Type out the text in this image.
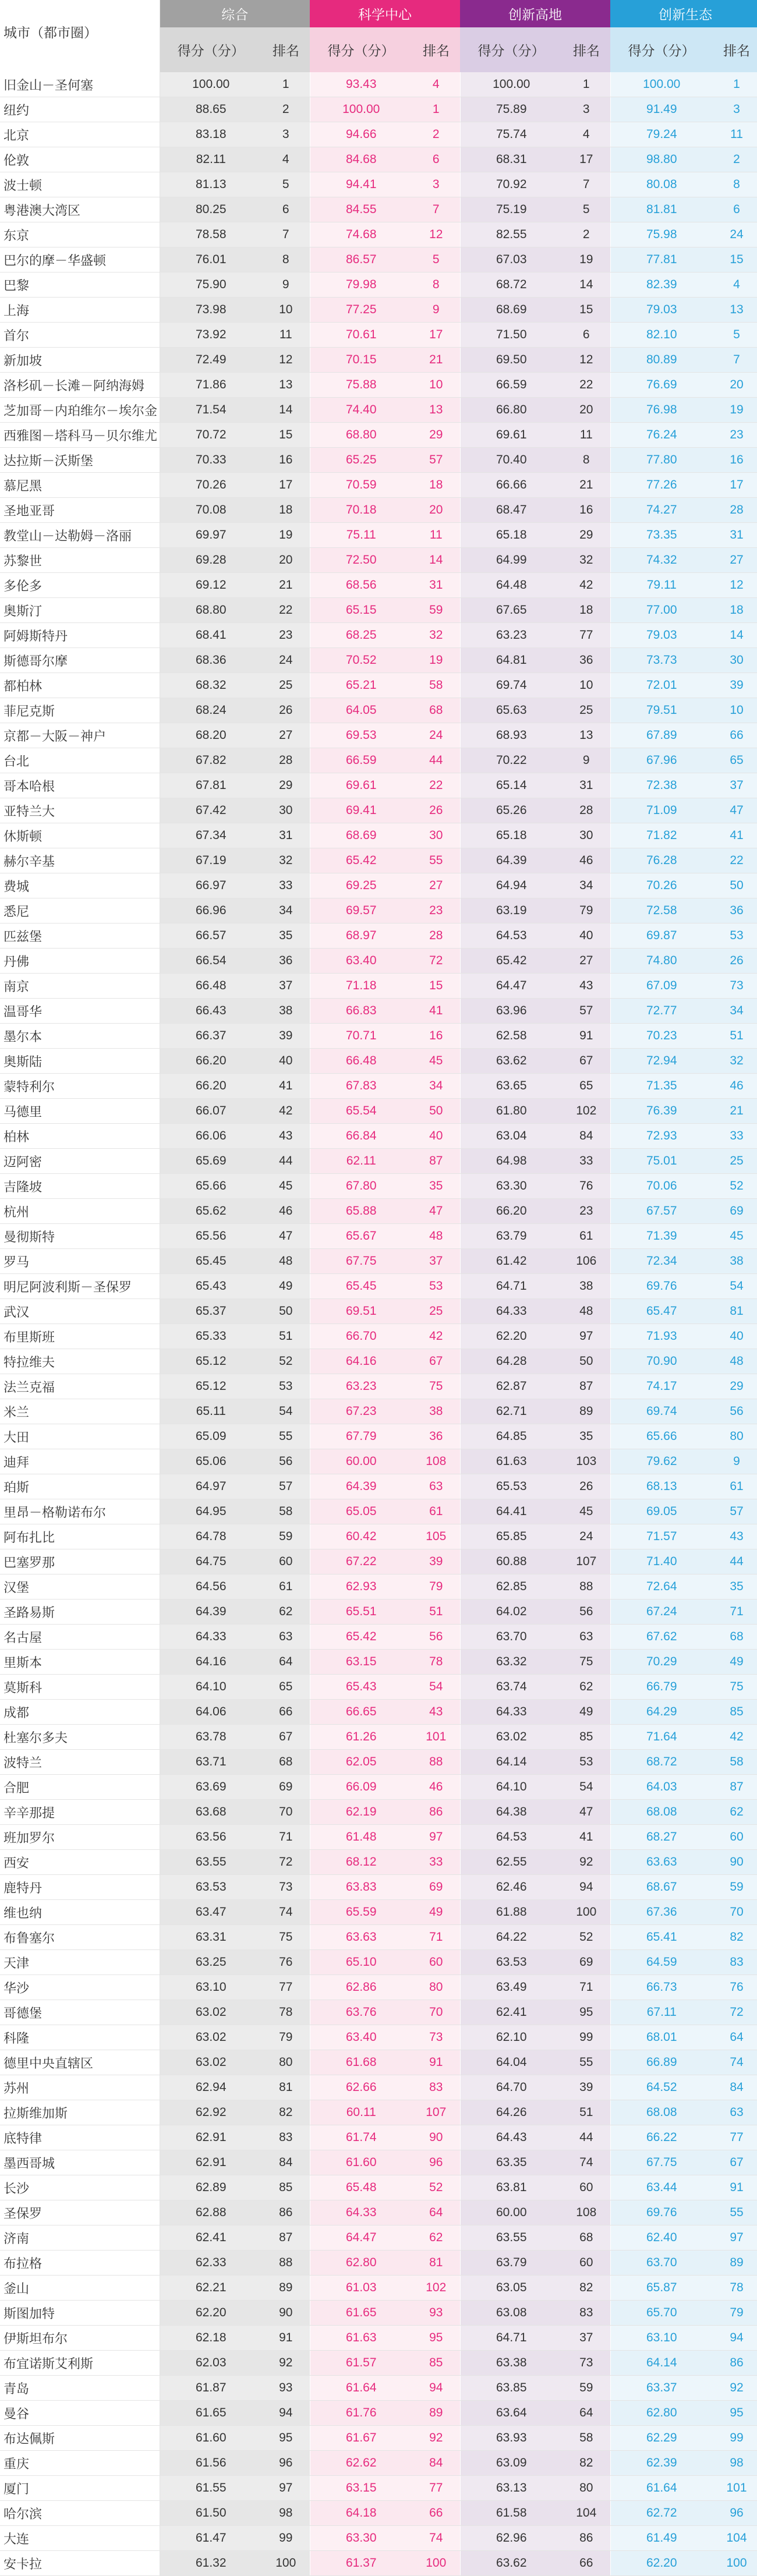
城市（都市圈）	综合		科学中心		创新高地		创新生态	
	得分（分）	排名	得分（分）	排名	得分（分）	排名	得分（分）	排名
旧金山－圣何塞	100.00	1	93.43	4	100.00	1	100.00	1
纽约	88.65	2	100.00	1	75.89	3	91.49	3
北京	83.18	3	94.66	2	75.74	4	79.24	11
伦敦	82.11	4	84.68	6	68.31	17	98.80	2
波士顿	81.13	5	94.41	3	70.92	7	80.08	8
粤港澳大湾区	80.25	6	84.55	7	75.19	5	81.81	6
东京	78.58	7	74.68	12	82.55	2	75.98	24
巴尔的摩－华盛顿	76.01	8	86.57	5	67.03	19	77.81	15
巴黎	75.90	9	79.98	8	68.72	14	82.39	4
上海	73.98	10	77.25	9	68.69	15	79.03	13
首尔	73.92	11	70.61	17	71.50	6	82.10	5
新加坡	72.49	12	70.15	21	69.50	12	80.89	7
洛杉矶－长滩－阿纳海姆	71.86	13	75.88	10	66.59	22	76.69	20
芝加哥－内珀维尔－埃尔金	71.54	14	74.40	13	66.80	20	76.98	19
西雅图－塔科马－贝尔维尤	70.72	15	68.80	29	69.61	11	76.24	23
达拉斯－沃斯堡	70.33	16	65.25	57	70.40	8	77.80	16
慕尼黑	70.26	17	70.59	18	66.66	21	77.26	17
圣地亚哥	70.08	18	70.18	20	68.47	16	74.27	28
教堂山－达勒姆－洛丽	69.97	19	75.11	11	65.18	29	73.35	31
苏黎世	69.28	20	72.50	14	64.99	32	74.32	27
多伦多	69.12	21	68.56	31	64.48	42	79.11	12
奥斯汀	68.80	22	65.15	59	67.65	18	77.00	18
阿姆斯特丹	68.41	23	68.25	32	63.23	77	79.03	14
斯德哥尔摩	68.36	24	70.52	19	64.81	36	73.73	30
都柏林	68.32	25	65.21	58	69.74	10	72.01	39
菲尼克斯	68.24	26	64.05	68	65.63	25	79.51	10
京都－大阪－神户	68.20	27	69.53	24	68.93	13	67.89	66
台北	67.82	28	66.59	44	70.22	9	67.96	65
哥本哈根	67.81	29	69.61	22	65.14	31	72.38	37
亚特兰大	67.42	30	69.41	26	65.26	28	71.09	47
休斯顿	67.34	31	68.69	30	65.18	30	71.82	41
赫尔辛基	67.19	32	65.42	55	64.39	46	76.28	22
费城	66.97	33	69.25	27	64.94	34	70.26	50
悉尼	66.96	34	69.57	23	63.19	79	72.58	36
匹兹堡	66.57	35	68.97	28	64.53	40	69.87	53
丹佛	66.54	36	63.40	72	65.42	27	74.80	26
南京	66.48	37	71.18	15	64.47	43	67.09	73
温哥华	66.43	38	66.83	41	63.96	57	72.77	34
墨尔本	66.37	39	70.71	16	62.58	91	70.23	51
奥斯陆	66.20	40	66.48	45	63.62	67	72.94	32
蒙特利尔	66.20	41	67.83	34	63.65	65	71.35	46
马德里	66.07	42	65.54	50	61.80	102	76.39	21
柏林	66.06	43	66.84	40	63.04	84	72.93	33
迈阿密	65.69	44	62.11	87	64.98	33	75.01	25
吉隆坡	65.66	45	67.80	35	63.30	76	70.06	52
杭州	65.62	46	65.88	47	66.20	23	67.57	69
曼彻斯特	65.56	47	65.67	48	63.79	61	71.39	45
罗马	65.45	48	67.75	37	61.42	106	72.34	38
明尼阿波利斯－圣保罗	65.43	49	65.45	53	64.71	38	69.76	54
武汉	65.37	50	69.51	25	64.33	48	65.47	81
布里斯班	65.33	51	66.70	42	62.20	97	71.93	40
特拉维夫	65.12	52	64.16	67	64.28	50	70.90	48
法兰克福	65.12	53	63.23	75	62.87	87	74.17	29
米兰	65.11	54	67.23	38	62.71	89	69.74	56
大田	65.09	55	67.79	36	64.85	35	65.66	80
迪拜	65.06	56	60.00	108	61.63	103	79.62	9
珀斯	64.97	57	64.39	63	65.53	26	68.13	61
里昂－格勒诺布尔	64.95	58	65.05	61	64.41	45	69.05	57
阿布扎比	64.78	59	60.42	105	65.85	24	71.57	43
巴塞罗那	64.75	60	67.22	39	60.88	107	71.40	44
汉堡	64.56	61	62.93	79	62.85	88	72.64	35
圣路易斯	64.39	62	65.51	51	64.02	56	67.24	71
名古屋	64.33	63	65.42	56	63.70	63	67.62	68
里斯本	64.16	64	63.15	78	63.32	75	70.29	49
莫斯科	64.10	65	65.43	54	63.74	62	66.79	75
成都	64.06	66	66.65	43	64.33	49	64.29	85
杜塞尔多夫	63.78	67	61.26	101	63.02	85	71.64	42
波特兰	63.71	68	62.05	88	64.14	53	68.72	58
合肥	63.69	69	66.09	46	64.10	54	64.03	87
辛辛那提	63.68	70	62.19	86	64.38	47	68.08	62
班加罗尔	63.56	71	61.48	97	64.53	41	68.27	60
西安	63.55	72	68.12	33	62.55	92	63.63	90
鹿特丹	63.53	73	63.83	69	62.46	94	68.67	59
维也纳	63.47	74	65.59	49	61.88	100	67.36	70
布鲁塞尔	63.31	75	63.63	71	64.22	52	65.41	82
天津	63.25	76	65.10	60	63.53	69	64.59	83
华沙	63.10	77	62.86	80	63.49	71	66.73	76
哥德堡	63.02	78	63.76	70	62.41	95	67.11	72
科隆	63.02	79	63.40	73	62.10	99	68.01	64
德里中央直辖区	63.02	80	61.68	91	64.04	55	66.89	74
苏州	62.94	81	62.66	83	64.70	39	64.52	84
拉斯维加斯	62.92	82	60.11	107	64.26	51	68.08	63
底特律	62.91	83	61.74	90	64.43	44	66.22	77
墨西哥城	62.91	84	61.60	96	63.35	74	67.75	67
长沙	62.89	85	65.48	52	63.81	60	63.44	91
圣保罗	62.88	86	64.33	64	60.00	108	69.76	55
济南	62.41	87	64.47	62	63.55	68	62.40	97
布拉格	62.33	88	62.80	81	63.79	60	63.70	89
釜山	62.21	89	61.03	102	63.05	82	65.87	78
斯图加特	62.20	90	61.65	93	63.08	83	65.70	79
伊斯坦布尔	62.18	91	61.63	95	64.71	37	63.10	94
布宜诺斯艾利斯	62.03	92	61.57	85	63.38	73	64.14	86
青岛	61.87	93	61.64	94	63.85	59	63.37	92
曼谷	61.65	94	61.76	89	63.64	64	62.80	95
布达佩斯	61.60	95	61.67	92	63.93	58	62.29	99
重庆	61.56	96	62.62	84	63.09	82	62.39	98
厦门	61.55	97	63.15	77	63.13	80	61.64	101
哈尔滨	61.50	98	64.18	66	61.58	104	62.72	96
大连	61.47	99	63.30	74	62.96	86	61.49	104
安卡拉	61.32	100	61.37	100	63.62	66	62.20	100
